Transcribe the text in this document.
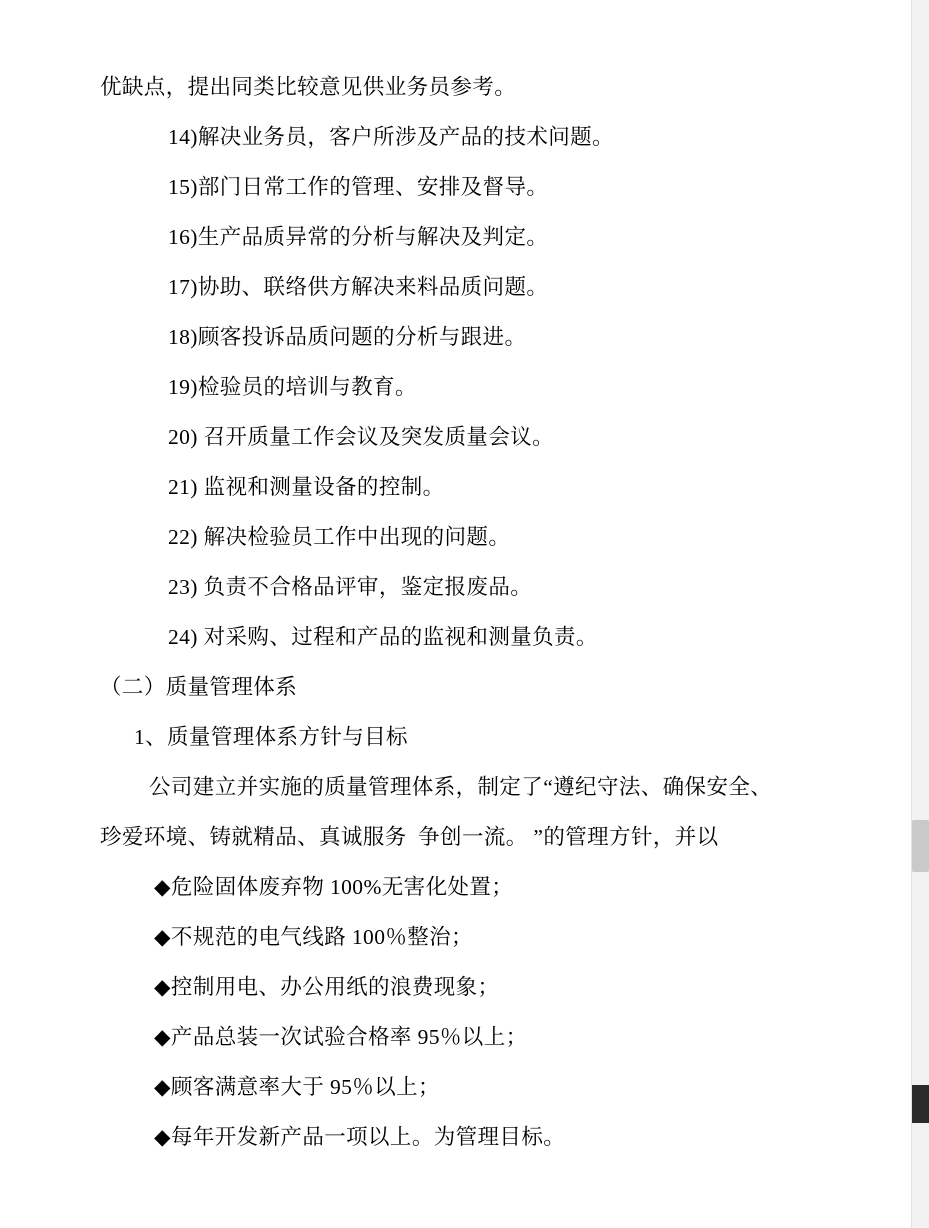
优缺点，提出同类比较意见供业务员参考。

14)解决业务员，客户所涉及产品的技术问题。

15)部门日常工作的管理、安排及督导。

16)生产品质异常的分析与解决及判定。

17)协助、联络供方解决来料品质问题。

18)顾客投诉品质问题的分析与跟进。

19)检验员的培训与教育。

20) 召开质量工作会议及突发质量会议。

21) 监视和测量设备的控制。

22) 解决检验员工作中出现的问题。

23) 负责不合格品评审，鉴定报废品。

24) 对采购、过程和产品的监视和测量负责。

（二）质量管理体系

1、质量管理体系方针与目标

公司建立并实施的质量管理体系，制定了“遵纪守法、确保安全、

珍爱环境、铸就精品、真诚服务  争创一流。 ”的管理方针，并以

◆危险固体废弃物 100%无害化处置；

◆不规范的电气线路 100％整治；

◆控制用电、办公用纸的浪费现象；

◆产品总装一次试验合格率 95％以上；

◆顾客满意率大于 95％以上；

◆每年开发新产品一项以上。为管理目标。
